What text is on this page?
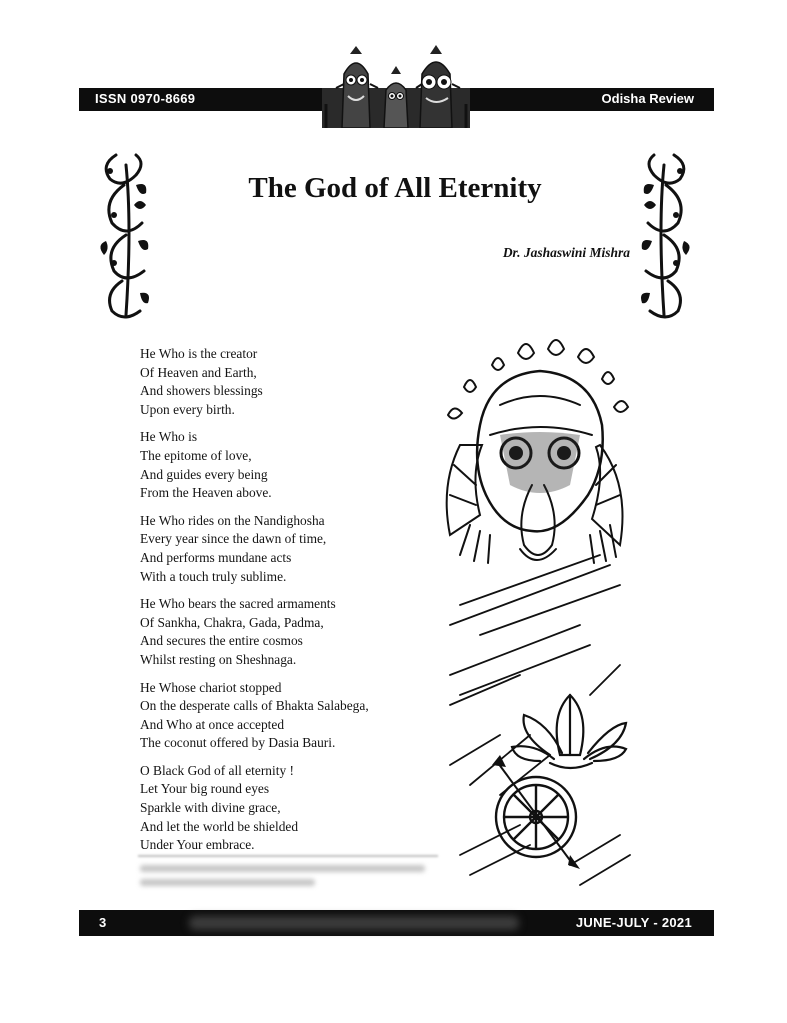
ISSN 0970-8669	Odisha Review
The God of All Eternity
Dr. Jashaswini Mishra
He Who is the creator
Of Heaven and Earth,
And showers blessings
Upon every birth.
He Who is
The epitome of love,
And guides every being
From the Heaven above.
He Who rides on the Nandighosha
Every year since the dawn of time,
And performs mundane acts
With a touch truly sublime.
He Who bears the sacred armaments
Of Sankha, Chakra, Gada, Padma,
And secures the entire cosmos
Whilst resting on Sheshnaga.
He Whose chariot stopped
On the desperate calls of Bhakta Salabega,
And Who at once accepted
The coconut offered by Dasia Bauri.
O Black God of all eternity !
Let Your big round eyes
Sparkle with divine grace,
And let the world be shielded
Under Your embrace.
3	JUNE-JULY - 2021
